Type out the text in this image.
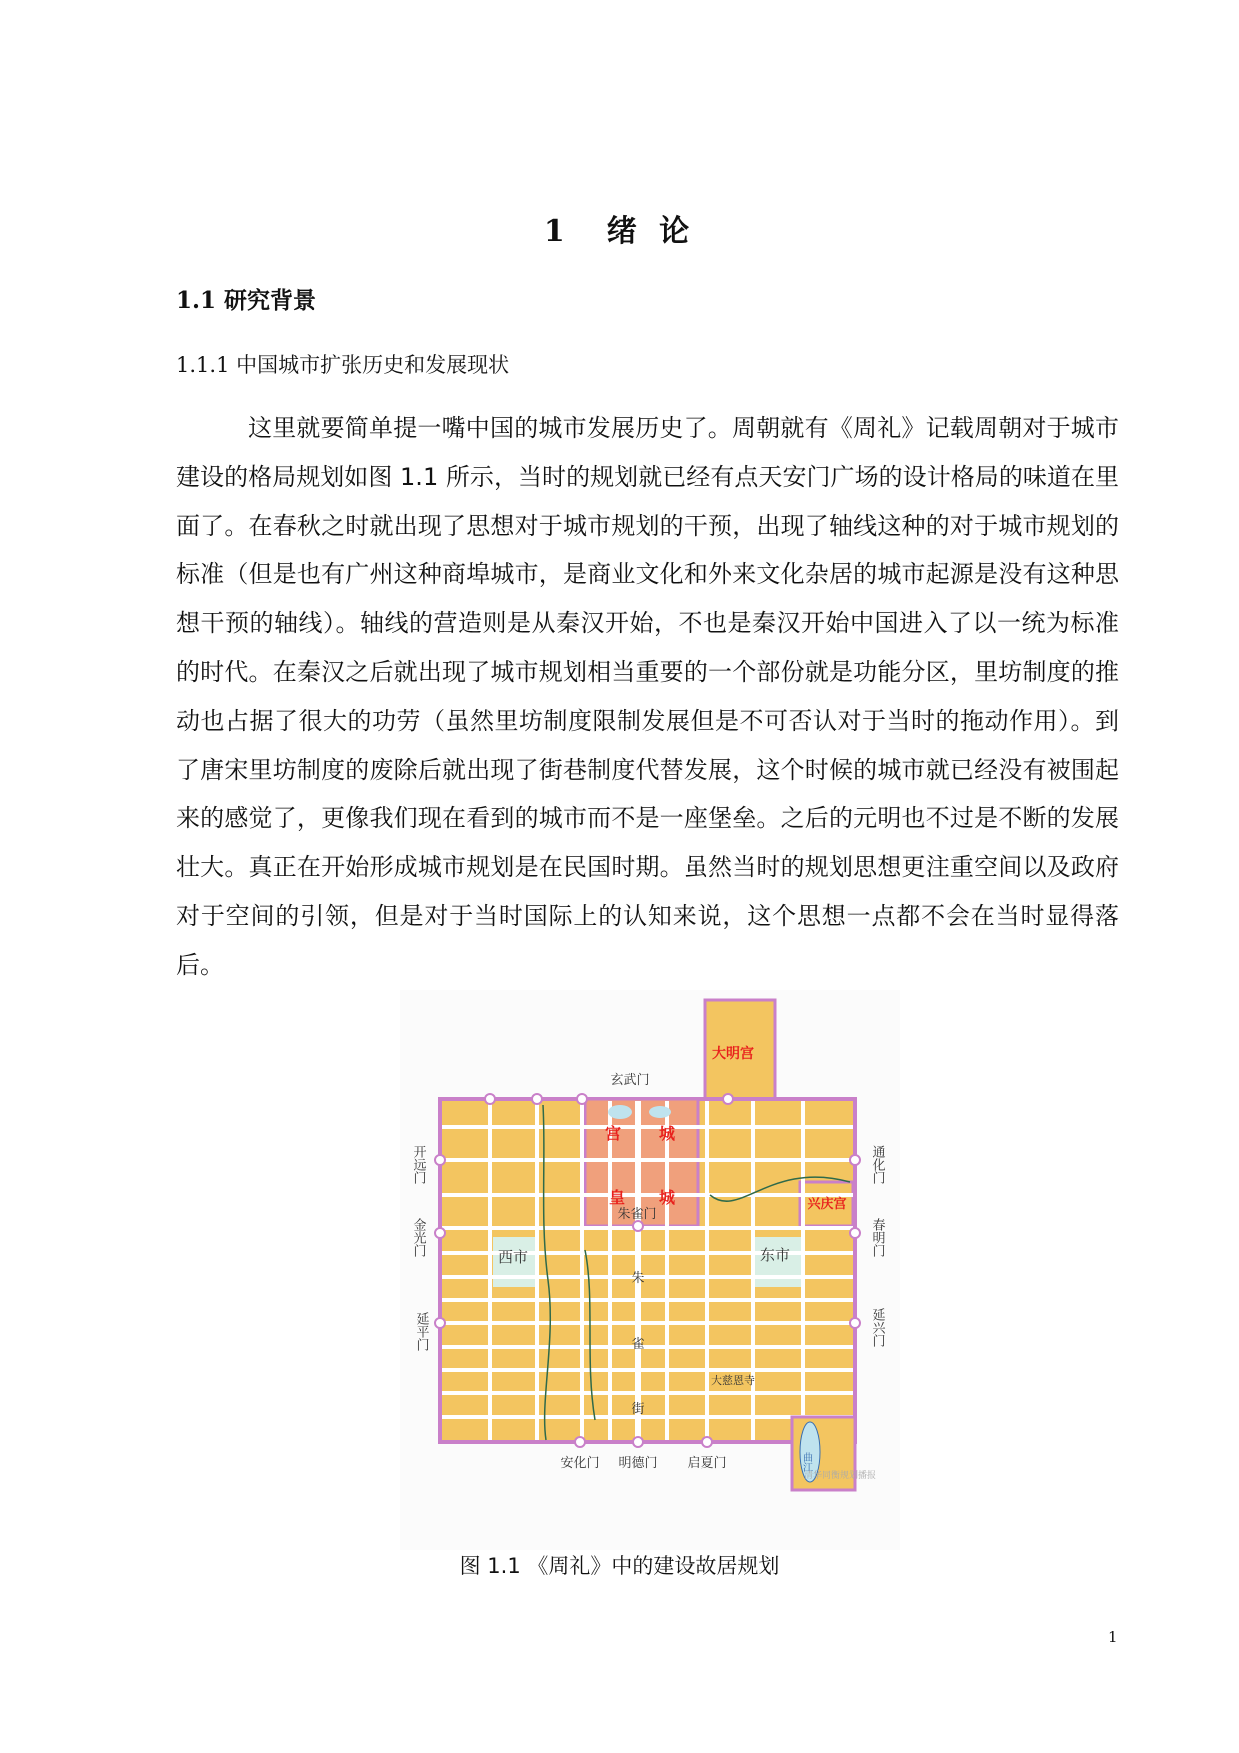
1　绪 论
1.1 研究背景
1.1.1 中国城市扩张历史和发展现状
这里就要简单提一嘴中国的城市发展历史了。周朝就有《周礼》记载周朝对于城市建设的格局规划如图 1.1 所示，当时的规划就已经有点天安门广场的设计格局的味道在里面了。在春秋之时就出现了思想对于城市规划的干预，出现了轴线这种的对于城市规划的标准（但是也有广州这种商埠城市，是商业文化和外来文化杂居的城市起源是没有这种思想干预的轴线）。轴线的营造则是从秦汉开始，不也是秦汉开始中国进入了以一统为标准的时代。在秦汉之后就出现了城市规划相当重要的一个部份就是功能分区，里坊制度的推动也占据了很大的功劳（虽然里坊制度限制发展但是不可否认对于当时的拖动作用）。到了唐宋里坊制度的废除后就出现了街巷制度代替发展，这个时候的城市就已经没有被围起来的感觉了，更像我们现在看到的城市而不是一座堡垒。之后的元明也不过是不断的发展壮大。真正在开始形成城市规划是在民国时期。虽然当时的规划思想更注重空间以及政府对于空间的引领，但是对于当时国际上的认知来说，这个思想一点都不会在当时显得落后。
玄武门
大明宫
宫 城
皇 城
朱雀门
兴庆宫
开远门
金光门
延平门
通化门
春明门
延兴门
西市	东市
朱
雀
街
大慈恩寺
安化门 明德门 启夏门	曲江
清华同衡规划播报
图 1.1 《周礼》中的建设故居规划
1
